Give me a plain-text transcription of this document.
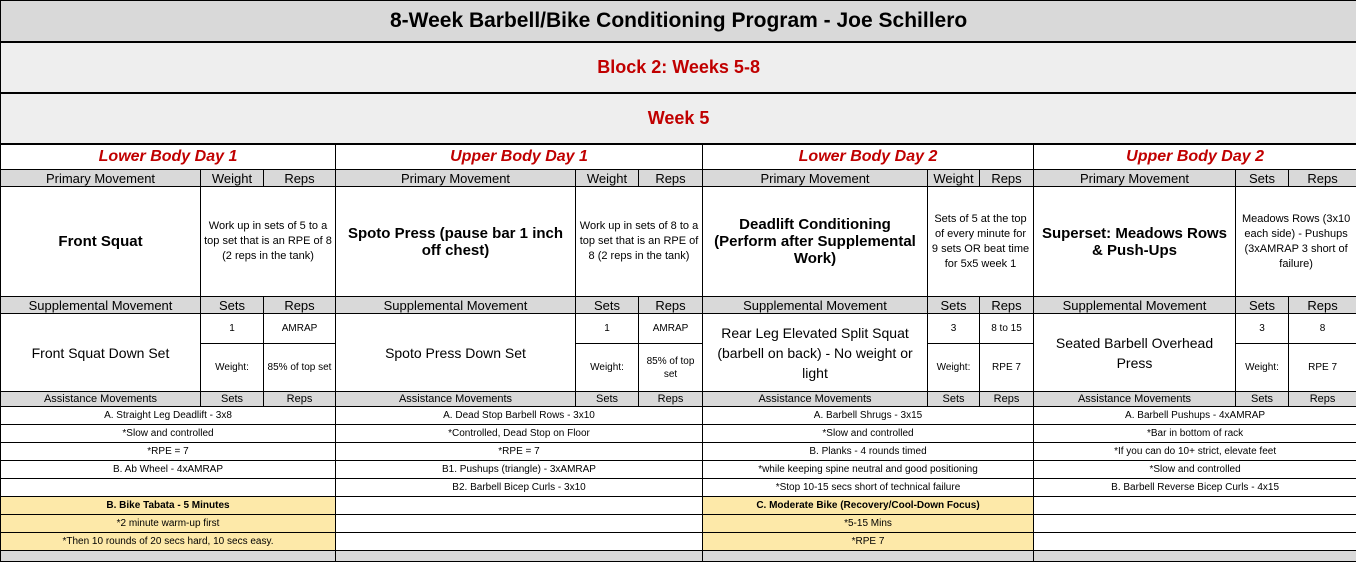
8-Week Barbell/Bike Conditioning Program - Joe Schillero											
Block 2: Weeks 5-8											
Week 5											
Lower Body Day 1			Upper Body Day 1			Lower Body Day 2			Upper Body Day 2		
Primary Movement	Weight	Reps	Primary Movement	Weight	Reps	Primary Movement	Weight	Reps	Primary Movement	Sets	Reps
Front Squat	Work up in sets of 5 to a top set that is an RPE of 8 (2 reps in the tank)		Spoto Press (pause bar 1 inch off chest)	Work up in sets of 8 to a top set that is an RPE of 8 (2 reps in the tank)		Deadlift Conditioning (Perform after Supplemental Work)	Sets of 5 at the top of every minute for 9 sets OR beat time for 5x5 week 1		Superset: Meadows Rows & Push-Ups	Meadows Rows (3x10 each side) - Pushups (3xAMRAP 3 short of failure)	
Supplemental Movement	Sets	Reps	Supplemental Movement	Sets	Reps	Supplemental Movement	Sets	Reps	Supplemental Movement	Sets	Reps
Front Squat Down Set	1	AMRAP	Spoto Press Down Set	1	AMRAP	Rear Leg Elevated Split Squat (barbell on back) - No weight or light	3	8 to 15	Seated Barbell Overhead Press	3	8
	Weight:	85% of top set		Weight:	85% of top set		Weight:	RPE 7		Weight:	RPE 7
Assistance Movements	Sets	Reps	Assistance Movements	Sets	Reps	Assistance Movements	Sets	Reps	Assistance Movements	Sets	Reps
A. Straight Leg Deadlift - 3x8			A. Dead Stop Barbell Rows - 3x10			A. Barbell Shrugs - 3x15			A. Barbell Pushups - 4xAMRAP		
*Slow and controlled			*Controlled, Dead Stop on Floor			*Slow and controlled			*Bar in bottom of rack		
*RPE = 7			*RPE = 7			B. Planks - 4 rounds timed			*If you can do 10+ strict, elevate feet		
B. Ab Wheel - 4xAMRAP			B1. Pushups (triangle) - 3xAMRAP			*while keeping spine neutral and good positioning			*Slow and controlled		
			B2. Barbell Bicep Curls - 3x10			*Stop 10-15 secs short of technical failure			B. Barbell Reverse Bicep Curls - 4x15		
B. Bike Tabata - 5 Minutes						C. Moderate Bike (Recovery/Cool-Down Focus)					
*2 minute warm-up first						*5-15 Mins					
*Then 10 rounds of 20 secs hard, 10 secs easy.						*RPE 7					
